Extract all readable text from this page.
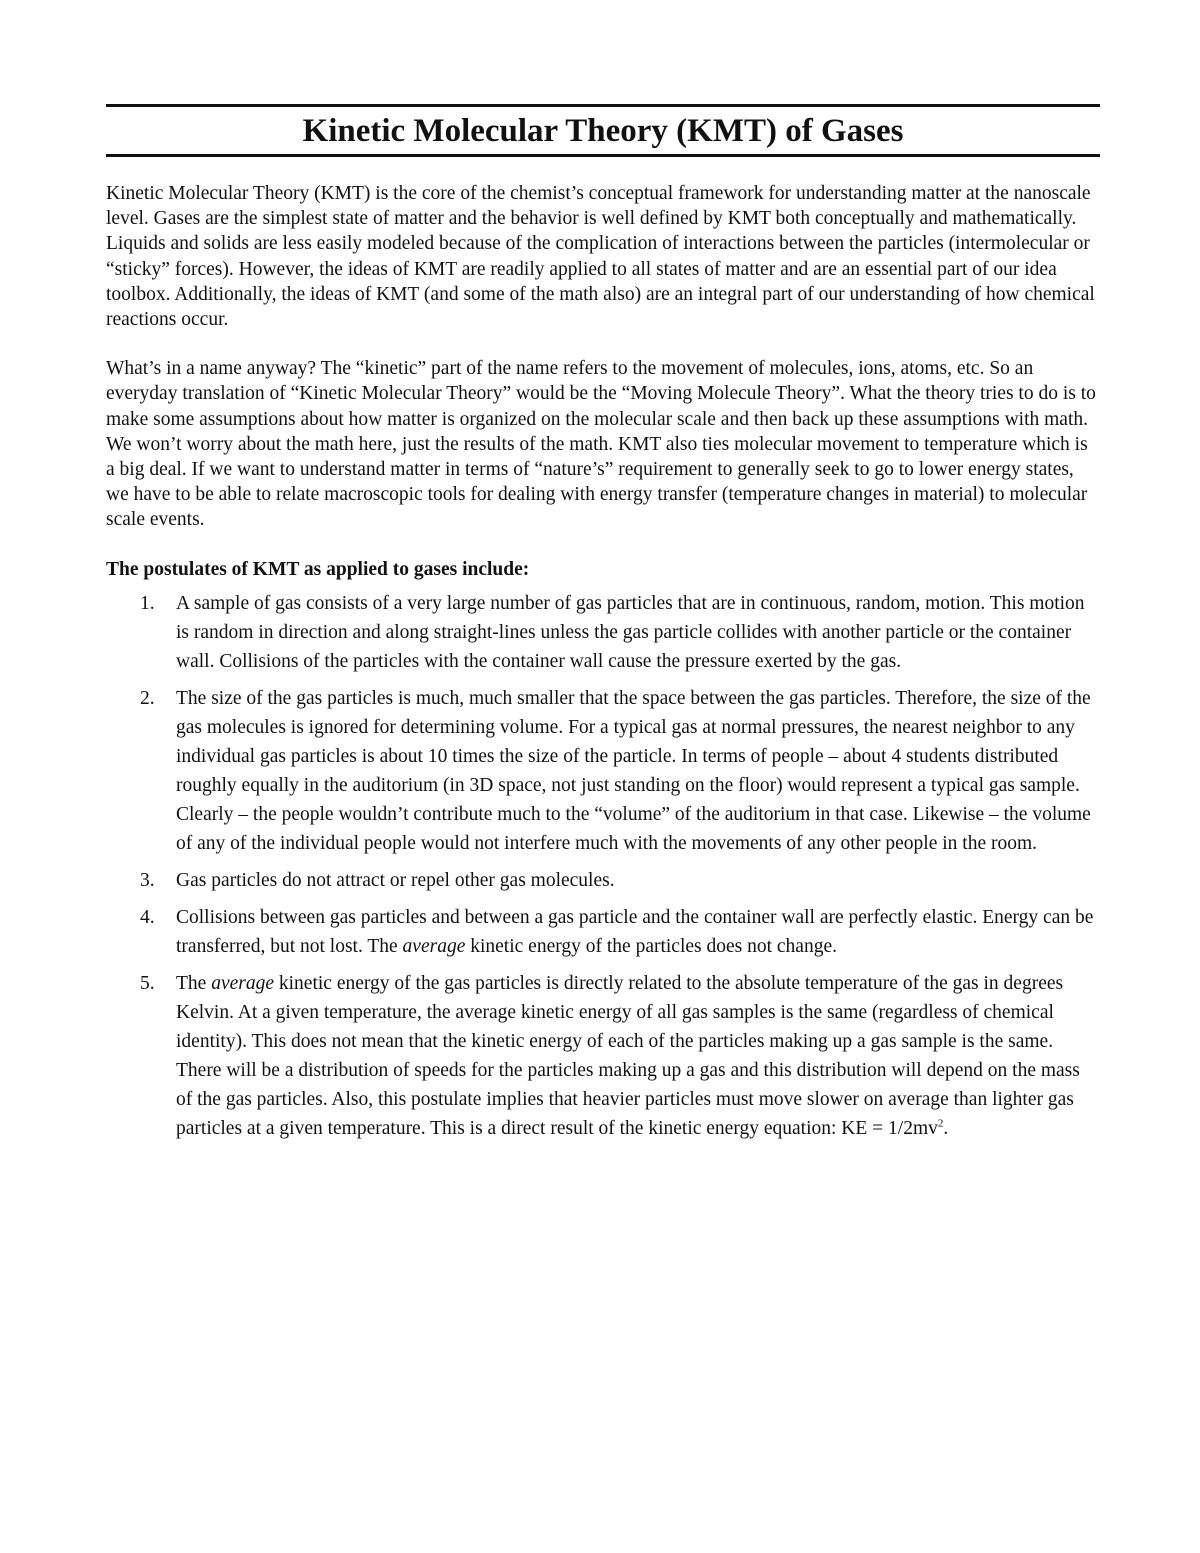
Kinetic Molecular Theory (KMT) of Gases

Kinetic Molecular Theory (KMT) is the core of the chemist’s conceptual framework for understanding matter at the nanoscale level. Gases are the simplest state of matter and the behavior is well defined by KMT both conceptually and mathematically. Liquids and solids are less easily modeled because of the complication of interactions between the particles (intermolecular or “sticky” forces). However, the ideas of KMT are readily applied to all states of matter and are an essential part of our idea toolbox. Additionally, the ideas of KMT (and some of the math also) are an integral part of our understanding of how chemical reactions occur.

What’s in a name anyway? The “kinetic” part of the name refers to the movement of molecules, ions, atoms, etc. So an everyday translation of “Kinetic Molecular Theory” would be the “Moving Molecule Theory”. What the theory tries to do is to make some assumptions about how matter is organized on the molecular scale and then back up these assumptions with math. We won’t worry about the math here, just the results of the math. KMT also ties molecular movement to temperature which is a big deal. If we want to understand matter in terms of “nature’s” requirement to generally seek to go to lower energy states, we have to be able to relate macroscopic tools for dealing with energy transfer (temperature changes in material) to molecular scale events.

The postulates of KMT as applied to gases include:
1. A sample of gas consists of a very large number of gas particles that are in continuous, random, motion. This motion is random in direction and along straight-lines unless the gas particle collides with another particle or the container wall. Collisions of the particles with the container wall cause the pressure exerted by the gas.
2. The size of the gas particles is much, much smaller that the space between the gas particles. Therefore, the size of the gas molecules is ignored for determining volume. For a typical gas at normal pressures, the nearest neighbor to any individual gas particles is about 10 times the size of the particle. In terms of people – about 4 students distributed roughly equally in the auditorium (in 3D space, not just standing on the floor) would represent a typical gas sample. Clearly – the people wouldn’t contribute much to the “volume” of the auditorium in that case. Likewise – the volume of any of the individual people would not interfere much with the movements of any other people in the room.
3. Gas particles do not attract or repel other gas molecules.
4. Collisions between gas particles and between a gas particle and the container wall are perfectly elastic. Energy can be transferred, but not lost. The average kinetic energy of the particles does not change.
5. The average kinetic energy of the gas particles is directly related to the absolute temperature of the gas in degrees Kelvin. At a given temperature, the average kinetic energy of all gas samples is the same (regardless of chemical identity). This does not mean that the kinetic energy of each of the particles making up a gas sample is the same. There will be a distribution of speeds for the particles making up a gas and this distribution will depend on the mass of the gas particles. Also, this postulate implies that heavier particles must move slower on average than lighter gas particles at a given temperature. This is a direct result of the kinetic energy equation: KE = $1/2mv^2$.
